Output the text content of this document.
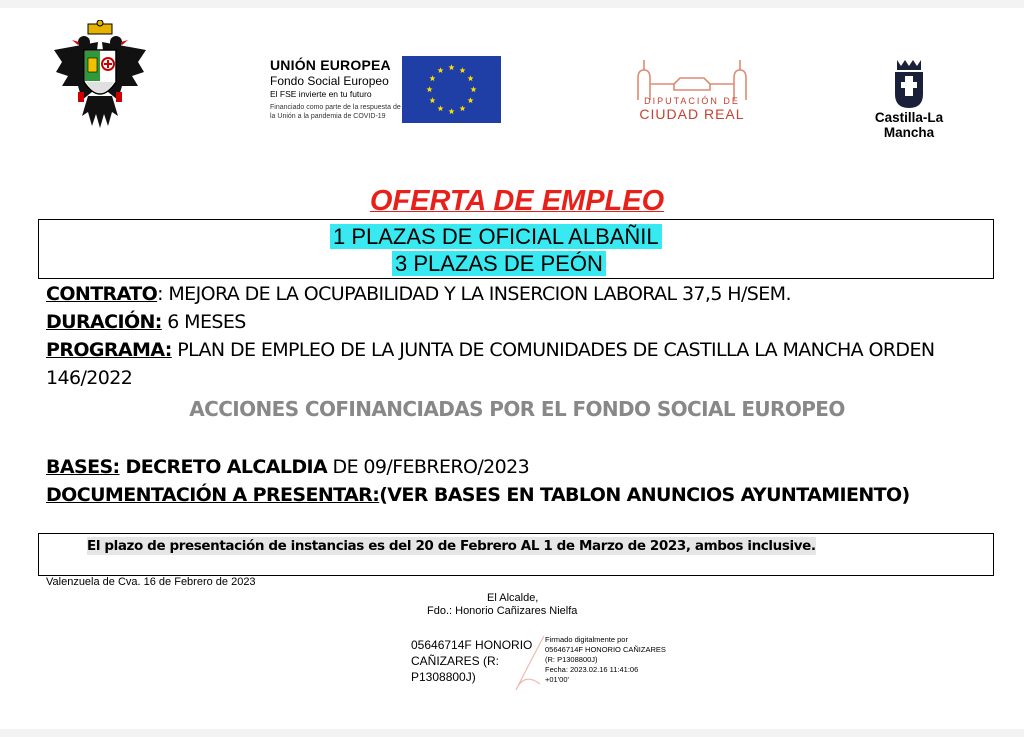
UNIÓN EUROPEA
Fondo Social Europeo
El FSE invierte en tu futuro
Financiado como parte de la respuesta de la Unión a la pandemia de COVID-19
DIPUTACIÓN DE
CIUDAD REAL	Castilla-La Mancha
OFERTA DE EMPLEO
1 PLAZAS DE OFICIAL ALBAÑIL
3 PLAZAS DE PEÓN
CONTRATO: MEJORA DE LA OCUPABILIDAD Y LA INSERCION LABORAL 37,5 H/SEM.
DURACIÓN: 6 MESES
PROGRAMA: PLAN DE EMPLEO DE LA JUNTA DE COMUNIDADES DE CASTILLA LA MANCHA ORDEN
146/2022
ACCIONES COFINANCIADAS POR EL FONDO SOCIAL EUROPEO
BASES: DECRETO ALCALDIA DE 09/FEBRERO/2023
DOCUMENTACIÓN A PRESENTAR:(VER BASES EN TABLON ANUNCIOS AYUNTAMIENTO)
El plazo de presentación de instancias es del 20 de Febrero AL 1 de Marzo de 2023, ambos inclusive.
Valenzuela de Cva. 16 de Febrero de 2023
El Alcalde,
Fdo.: Honorio Cañizares Nielfa
05646714F HONORIO
CAÑIZARES (R:
P1308800J)
Firmado digitalmente por
05646714F HONORIO CAÑIZARES
(R: P1308800J)
Fecha: 2023.02.16 11:41:06
+01'00'
